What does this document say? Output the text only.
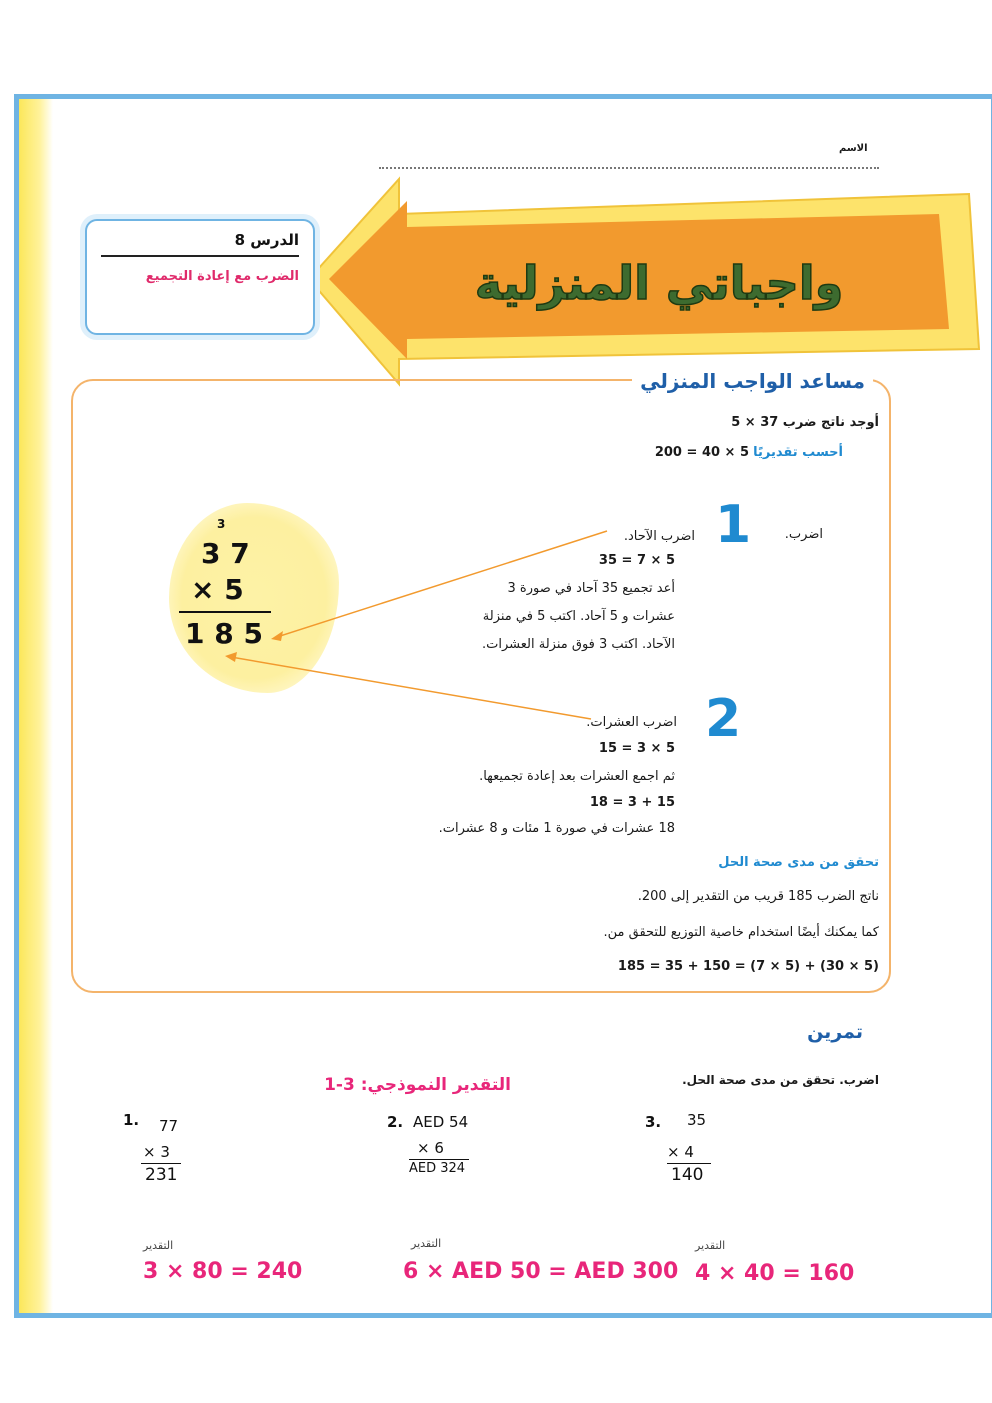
الاسم
واجباتي المنزلية
الدرس 8
الضرب مع إعادة التجميع
مساعد الواجب المنزلي
أوجد ناتج ضرب 37 × 5
أحسب تقديريًا 5 × 40 = 200
3
3 7
× 5
1 8 5
اضرب.
1
اضرب الآحاد.
5 × 7 = 35
أعد تجميع 35 آحاد في صورة 3
عشرات و 5 آحاد. اكتب 5 في منزلة
الآحاد. اكتب 3 فوق منزلة العشرات.
2
اضرب العشرات.
5 × 3 = 15
ثم اجمع العشرات بعد إعادة تجميعها.
15 + 3 = 18
18 عشرات في صورة 1 مئات و 8 عشرات.
تحقق من مدى صحة الحل
ناتج الضرب 185 قريب من التقدير إلى 200.
كما يمكنك أيضًا استخدام خاصية التوزيع للتحقق من.
(5 × 30) + (5 × 7) = 150 + 35 = 185
تمرين
اضرب. تحقق من مدى صحة الحل.
التقدير النموذجي: 3-1
1. 77
× 3
231
2. AED 54
× 6
AED 324
3. 35
× 4
140
التقدير
3 × 80 = 240
التقدير
6 × AED 50 = AED 300
التقدير
4 × 40 = 160
